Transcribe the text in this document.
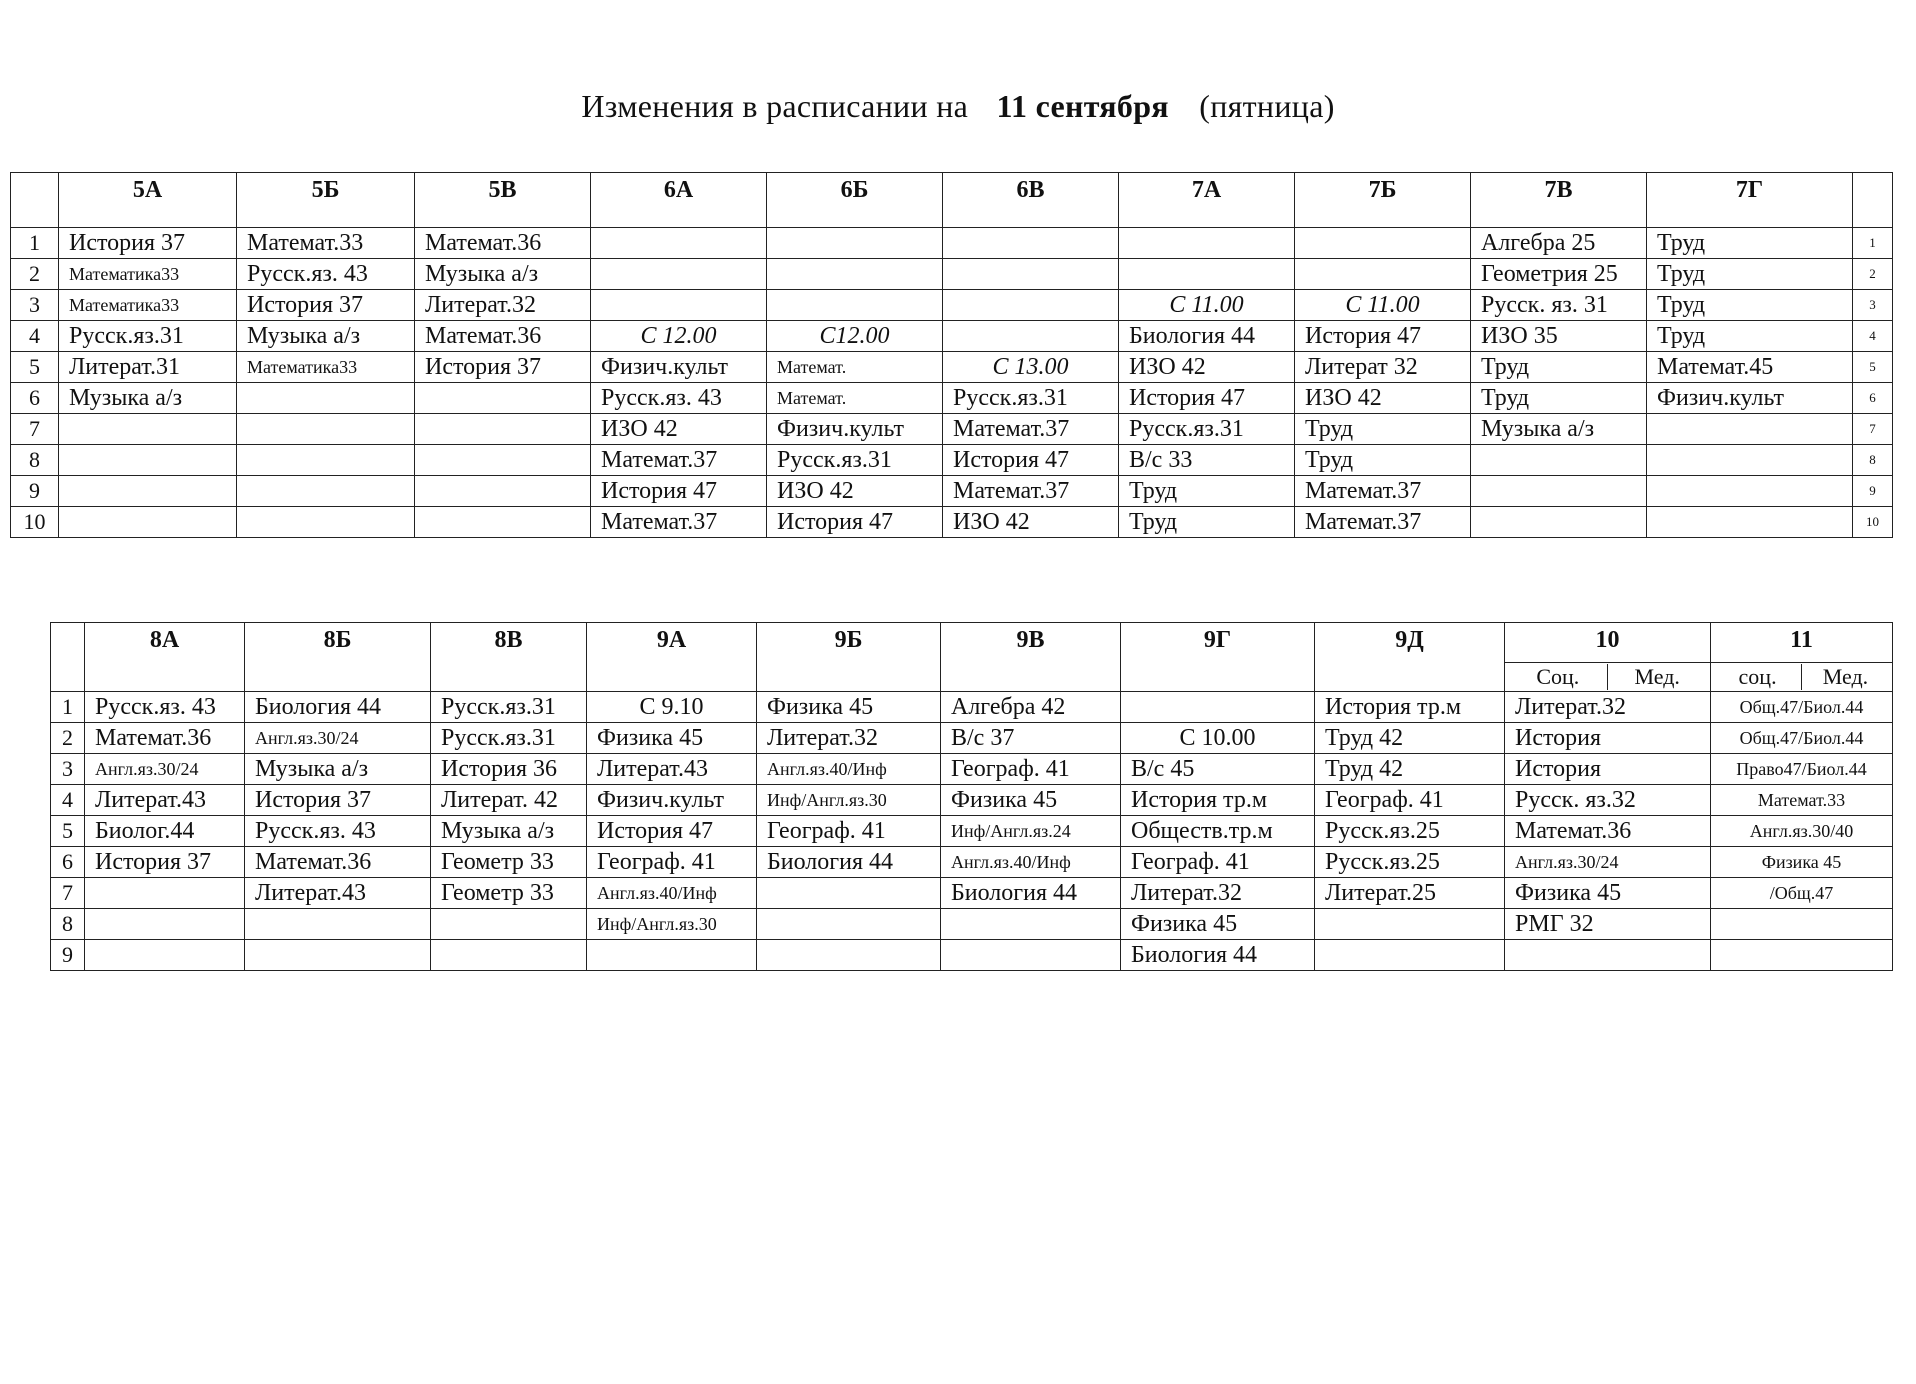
Изменения в расписании на 11 сентября (пятница)
	5А	5Б	5В	6А	6Б	6В	7А	7Б	7В	7Г	
1	История 37	Математ.33	Математ.36						Алгебра 25	Труд	1
2	Математика33	Русск.яз. 43	Музыка а/з						Геометрия 25	Труд	2
3	Математика33	История 37	Литерат.32				С 11.00	С 11.00	Русск. яз. 31	Труд	3
4	Русск.яз.31	Музыка а/з	Математ.36	С 12.00	С12.00		Биология 44	История 47	ИЗО 35	Труд	4
5	Литерат.31	Математика33	История 37	Физич.культ	Математ.	С 13.00	ИЗО 42	Литерат 32	Труд	Математ.45	5
6	Музыка а/з			Русск.яз. 43	Математ.	Русск.яз.31	История 47	ИЗО 42	Труд	Физич.культ	6
7				ИЗО 42	Физич.культ	Математ.37	Русск.яз.31	Труд	Музыка а/з		7
8				Математ.37	Русск.яз.31	История 47	В/с 33	Труд			8
9				История 47	ИЗО 42	Математ.37	Труд	Математ.37			9
10				Математ.37	История 47	ИЗО 42	Труд	Математ.37			10
	8А	8Б	8В	9А	9Б	9В	9Г	9Д	10	11
									Соц. Мед.	соц. Мед.
1	Русск.яз. 43	Биология 44	Русск.яз.31	С 9.10	Физика 45	Алгебра 42		История тр.м	Литерат.32	Общ.47/Биол.44
2	Математ.36	Англ.яз.30/24	Русск.яз.31	Физика 45	Литерат.32	В/с 37	С 10.00	Труд 42	История	Общ.47/Биол.44
3	Англ.яз.30/24	Музыка а/з	История 36	Литерат.43	Англ.яз.40/Инф	Географ. 41	В/с 45	Труд 42	История	Право47/Биол.44
4	Литерат.43	История 37	Литерат. 42	Физич.культ	Инф/Англ.яз.30	Физика 45	История тр.м	Географ. 41	Русск. яз.32	Математ.33
5	Биолог.44	Русск.яз. 43	Музыка а/з	История 47	Географ. 41	Инф/Англ.яз.24	Обществ.тр.м	Русск.яз.25	Математ.36	Англ.яз.30/40
6	История 37	Математ.36	Геометр 33	Географ. 41	Биология 44	Англ.яз.40/Инф	Географ. 41	Русск.яз.25	Англ.яз.30/24	Физика 45
7		Литерат.43	Геометр 33	Англ.яз.40/Инф		Биология 44	Литерат.32	Литерат.25	Физика 45	/Общ.47
8				Инф/Англ.яз.30			Физика 45		РМГ 32	
9							Биология 44			
